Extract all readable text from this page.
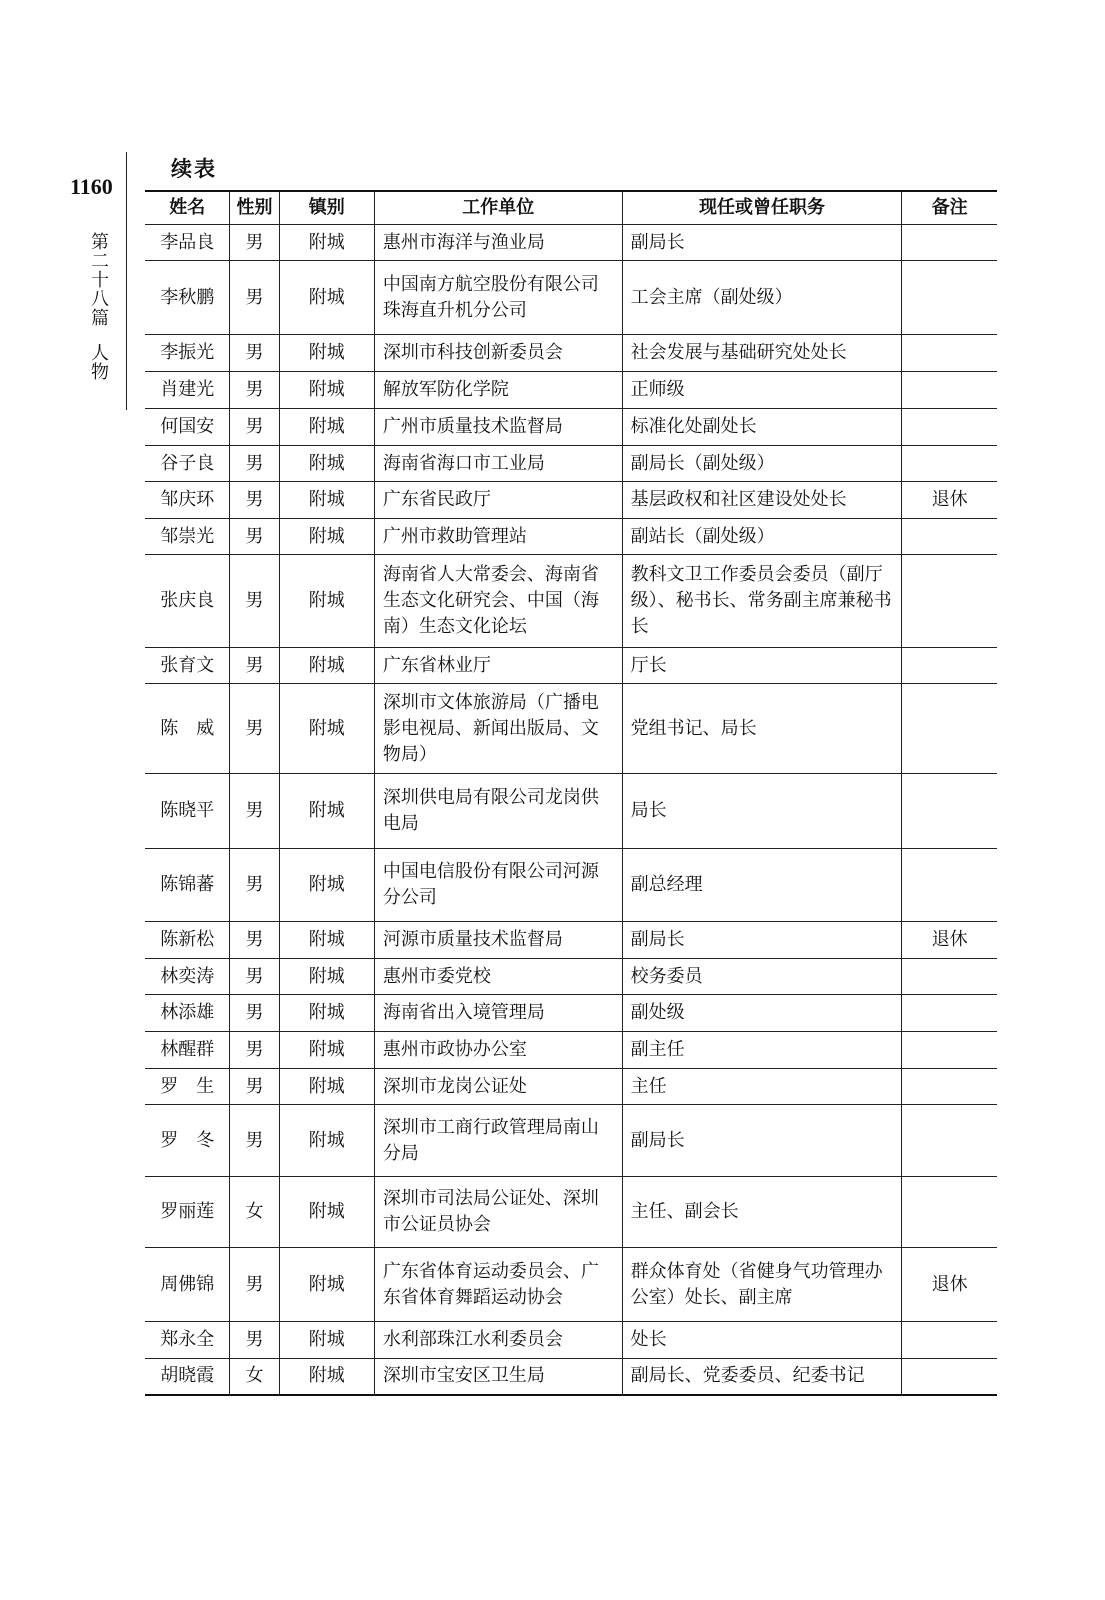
1160
第二十八篇人物
续表
姓名	性别	镇别	工作单位	现任或曾任职务	备注
李品良	男	附城	惠州市海洋与渔业局	副局长	
李秋鹏	男	附城	中国南方航空股份有限公司珠海直升机分公司	工会主席（副处级）	
李振光	男	附城	深圳市科技创新委员会	社会发展与基础研究处处长	
肖建光	男	附城	解放军防化学院	正师级	
何国安	男	附城	广州市质量技术监督局	标准化处副处长	
谷子良	男	附城	海南省海口市工业局	副局长（副处级）	
邹庆环	男	附城	广东省民政厅	基层政权和社区建设处处长	退休
邹崇光	男	附城	广州市救助管理站	副站长（副处级）	
张庆良	男	附城	海南省人大常委会、海南省生态文化研究会、中国（海南）生态文化论坛	教科文卫工作委员会委员（副厅级）、秘书长、常务副主席兼秘书长	
张育文	男	附城	广东省林业厅	厅长	
陈　威	男	附城	深圳市文体旅游局（广播电影电视局、新闻出版局、文物局）	党组书记、局长	
陈晓平	男	附城	深圳供电局有限公司龙岗供电局	局长	
陈锦蕃	男	附城	中国电信股份有限公司河源分公司	副总经理	
陈新松	男	附城	河源市质量技术监督局	副局长	退休
林奕涛	男	附城	惠州市委党校	校务委员	
林添雄	男	附城	海南省出入境管理局	副处级	
林醒群	男	附城	惠州市政协办公室	副主任	
罗　生	男	附城	深圳市龙岗公证处	主任	
罗　冬	男	附城	深圳市工商行政管理局南山分局	副局长	
罗丽莲	女	附城	深圳市司法局公证处、深圳市公证员协会	主任、副会长	
周佛锦	男	附城	广东省体育运动委员会、广东省体育舞蹈运动协会	群众体育处（省健身气功管理办公室）处长、副主席	退休
郑永全	男	附城	水利部珠江水利委员会	处长	
胡晓霞	女	附城	深圳市宝安区卫生局	副局长、党委委员、纪委书记	
